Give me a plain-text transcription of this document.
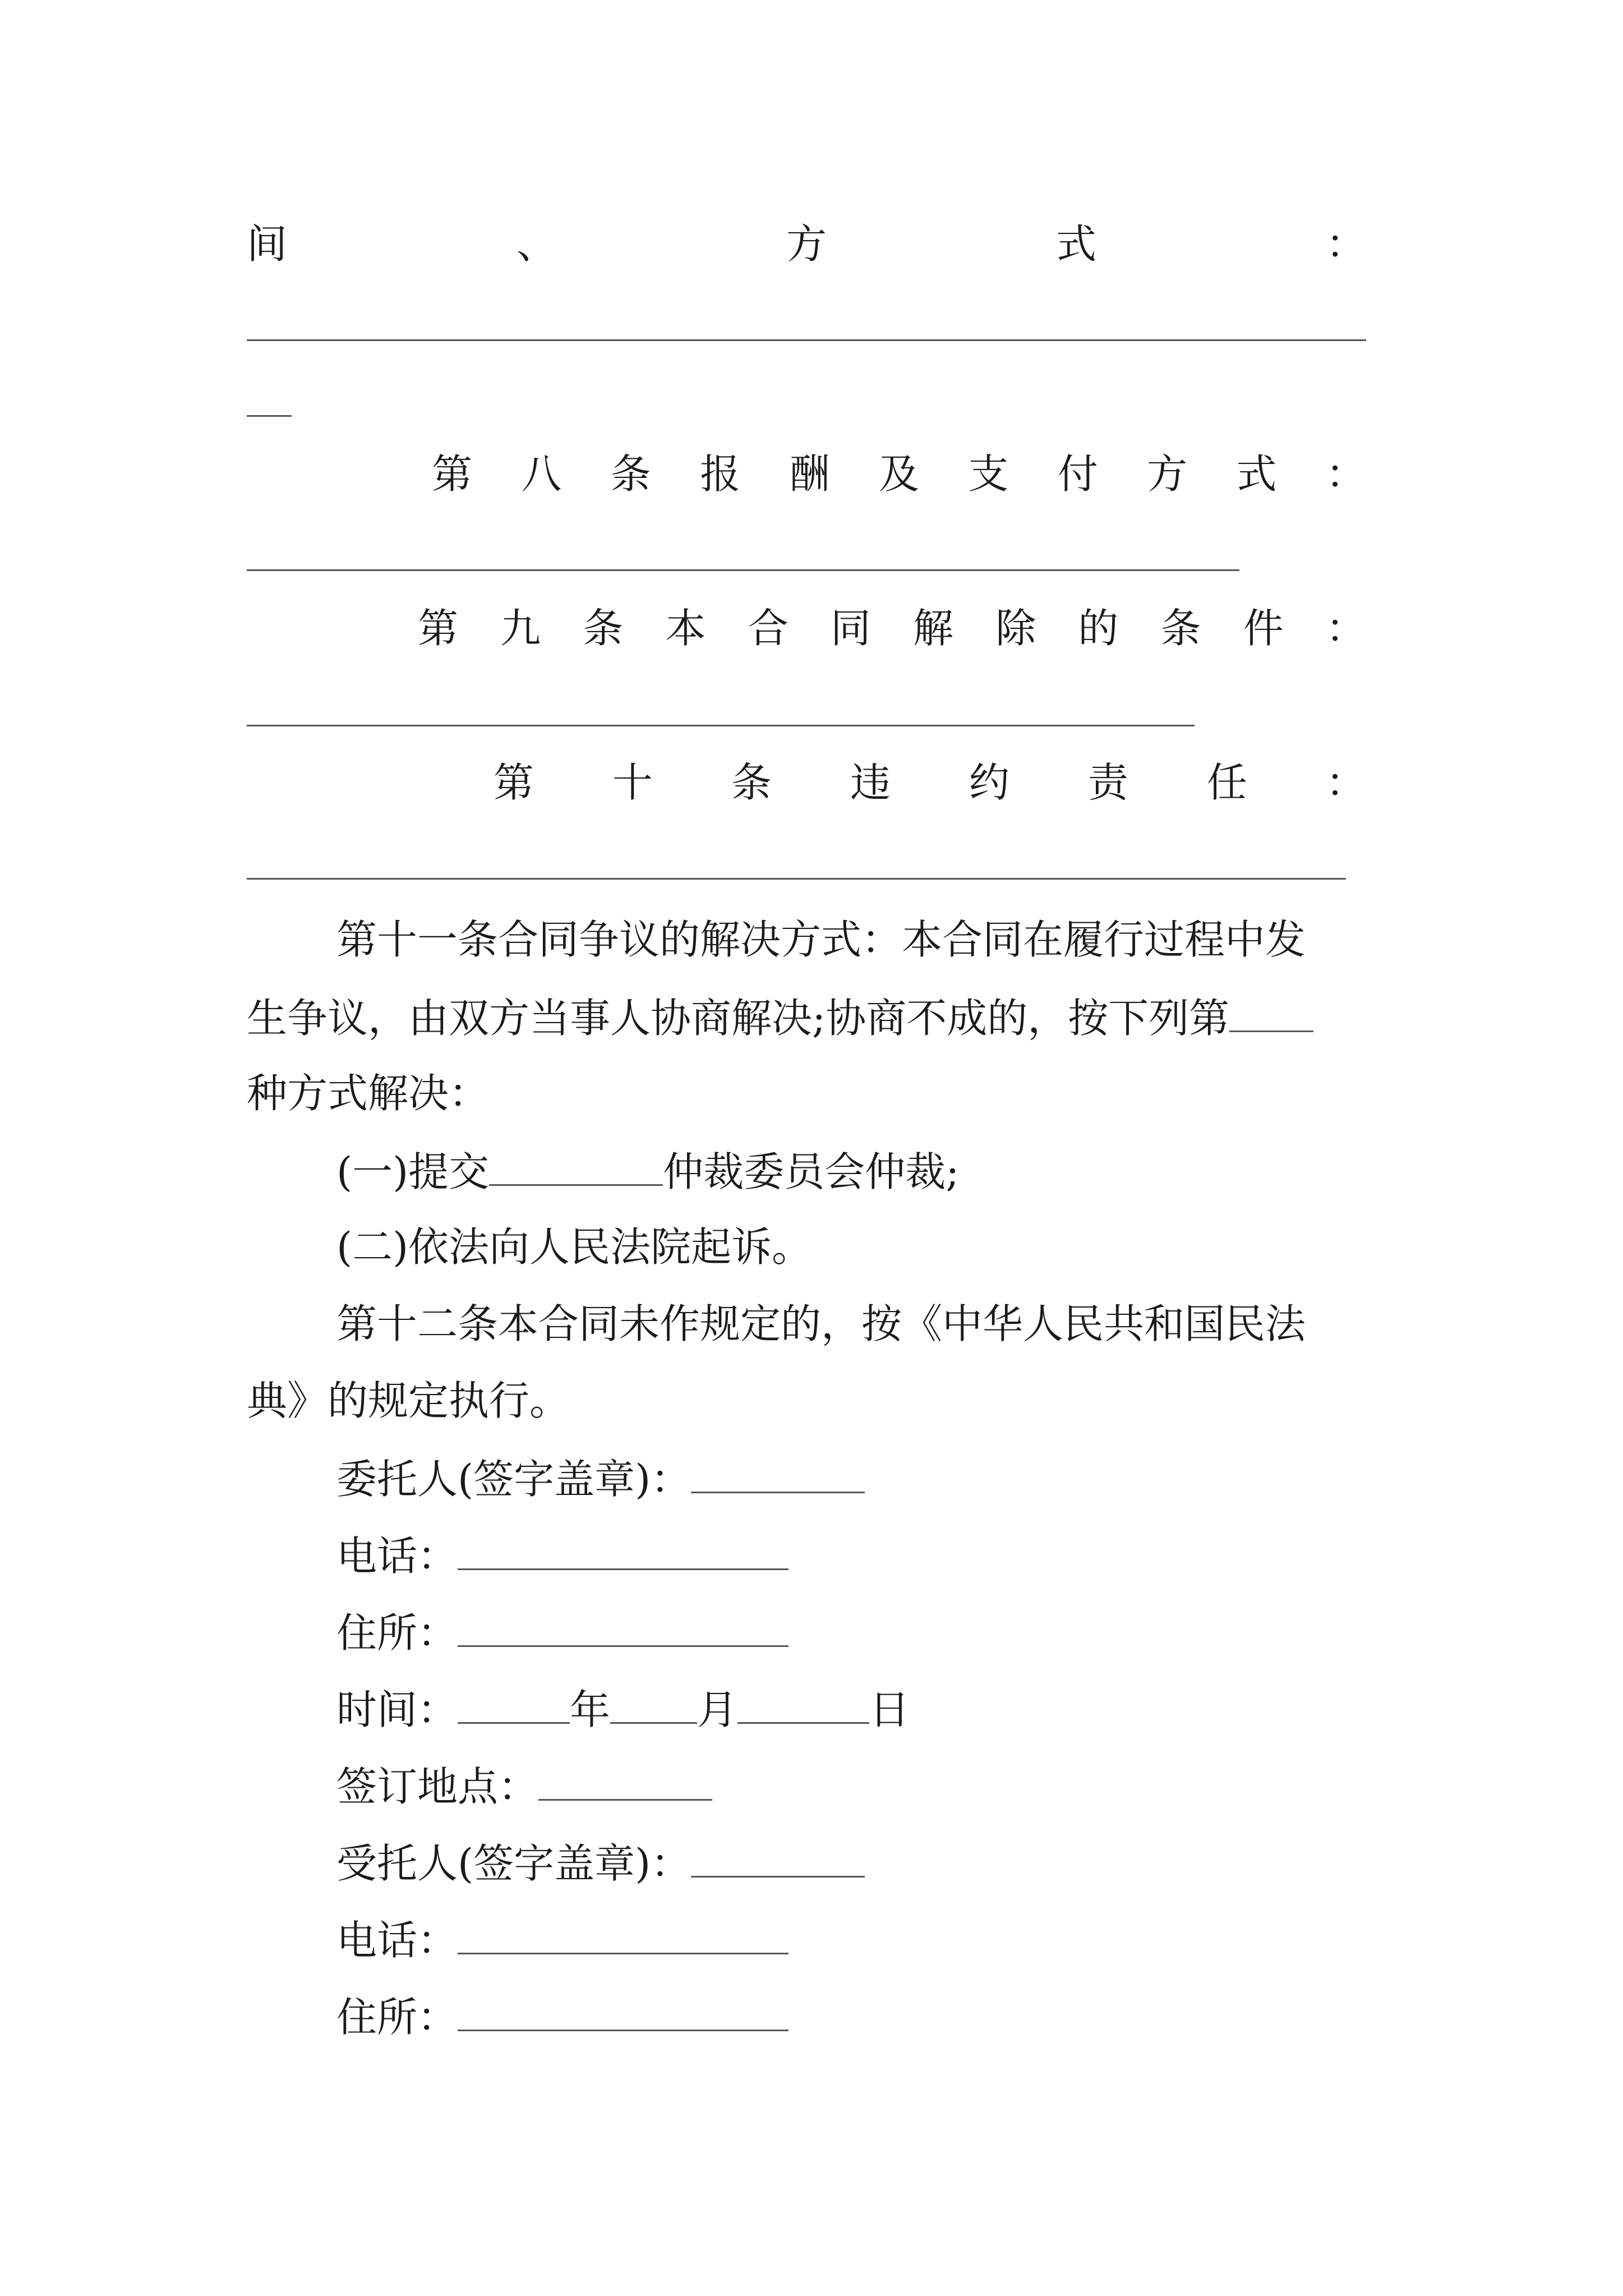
间	、	方	式	：
第 八 条 报 酬 及 支 付 方 式 ：
第 九 条 本 合 同 解 除 的 条 件 ：
第 十 条 违 约 责 任 ：
第十一条合同争议的解决方式：本合同在履行过程中发
生争议，由双方当事人协商解决;协商不成的，按下列第
种方式解决：
(一)提交	仲裁委员会仲裁;
(二)依法向人民法院起诉。
第十二条本合同未作规定的，按《中华人民共和国民法
典》的规定执行。
委托人(签字盖章)：
电话：
住所：
时间：	年 月	日
签订地点：
受托人(签字盖章)：
电话：
住所：
